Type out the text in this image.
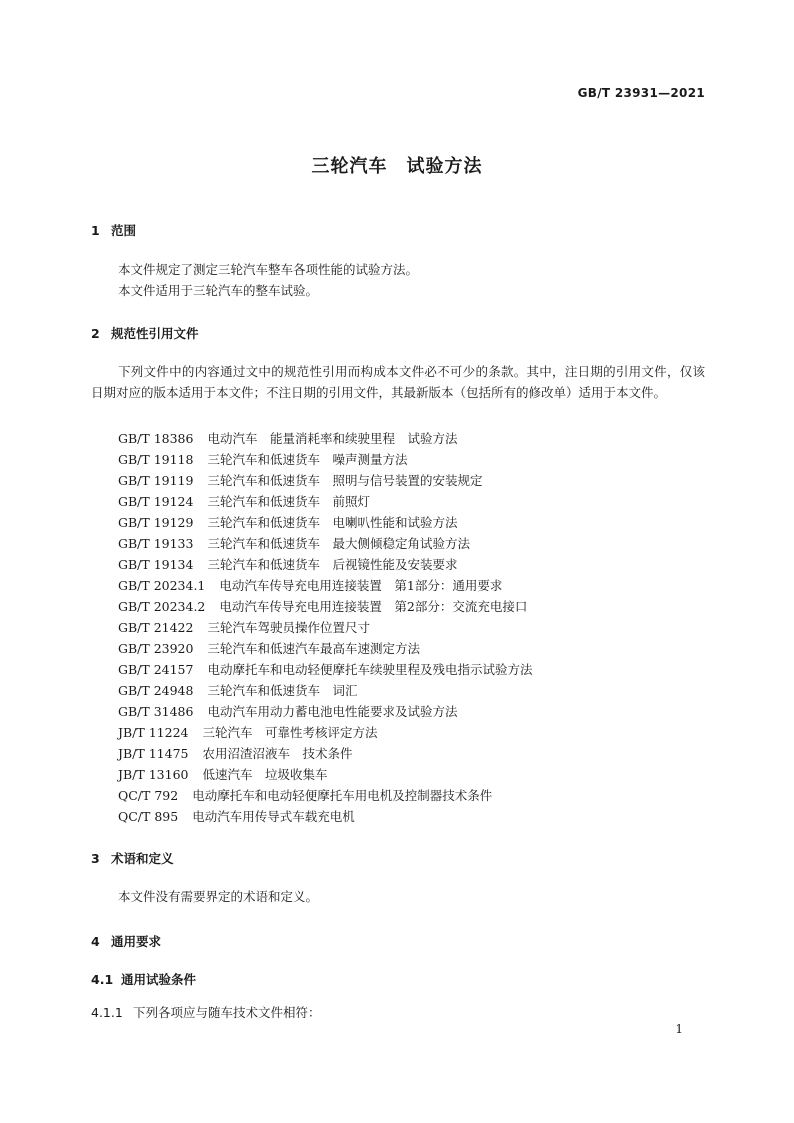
GB/T 23931—2021
三轮汽车　试验方法
1 范围

本文件规定了测定三轮汽车整车各项性能的试验方法。

本文件适用于三轮汽车的整车试验。

2 规范性引用文件

下列文件中的内容通过文中的规范性引用而构成本文件必不可少的条款。其中，注日期的引用文件，仅该日期对应的版本适用于本文件；不注日期的引用文件，其最新版本（包括所有的修改单）适用于本文件。

GB/T 18386 电动汽车　能量消耗率和续驶里程　试验方法
GB/T 19118 三轮汽车和低速货车　噪声测量方法
GB/T 19119 三轮汽车和低速货车　照明与信号装置的安装规定
GB/T 19124 三轮汽车和低速货车　前照灯
GB/T 19129 三轮汽车和低速货车　电喇叭性能和试验方法
GB/T 19133 三轮汽车和低速货车　最大侧倾稳定角试验方法
GB/T 19134 三轮汽车和低速货车　后视镜性能及安装要求
GB/T 20234.1 电动汽车传导充电用连接装置　第1部分：通用要求
GB/T 20234.2 电动汽车传导充电用连接装置　第2部分：交流充电接口
GB/T 21422 三轮汽车驾驶员操作位置尺寸
GB/T 23920 三轮汽车和低速汽车最高车速测定方法
GB/T 24157 电动摩托车和电动轻便摩托车续驶里程及残电指示试验方法
GB/T 24948 三轮汽车和低速货车　词汇
GB/T 31486 电动汽车用动力蓄电池电性能要求及试验方法
JB/T 11224 三轮汽车　可靠性考核评定方法
JB/T 11475 农用沼渣沼液车　技术条件
JB/T 13160 低速汽车　垃圾收集车
QC/T 792 电动摩托车和电动轻便摩托车用电机及控制器技术条件
QC/T 895 电动汽车用传导式车载充电机
3 术语和定义

本文件没有需要界定的术语和定义。

4 通用要求
4.1 通用试验条件
4.1.1 下列各项应与随车技术文件相符：
1
